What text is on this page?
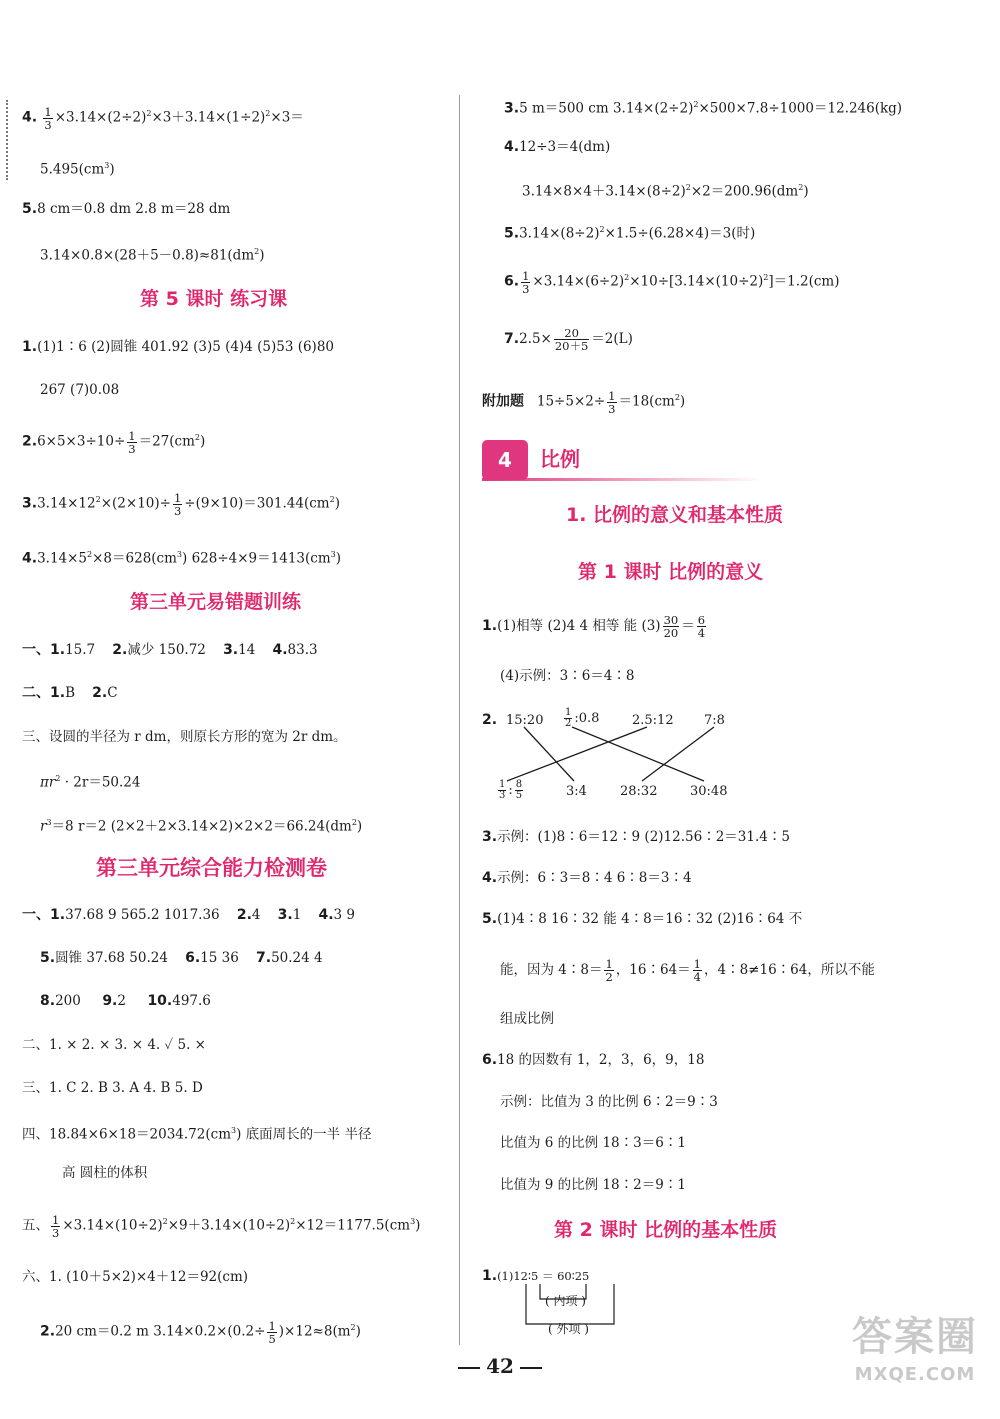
4. $\frac{1}{3} \times 3.14\times(2\div 2)^2\times 3+3.14\times(1\div 2)^2\times 3=$
$5.495(cm^3)$
5.8 cm＝0.8 dm 2.8 m＝28 dm
$3.14\times 0.8\times(28+5-0.8)\approx 81(dm^2)$
第 5 课时 练习课
1.(1)1∶6 (2)圆锥 401.92 (3)5 (4)4 (5)53 (6)80
267 (7)0.08
$2.6\times 5\times 3\div 10\div \frac{1}{3} =27(cm^2)$
$3.3.14\times 12^2\times(2\times 10)\div \frac{1}{3} \div(9\times 10)=301.44(cm^2)$
$4.3.14\times 5^2\times 8=628(cm^3)$ $628\div 4\times 9=1413(cm^3)$
第三单元易错题训练
一、1.15.7 2.减少 150.72 3.14 4.83.3
二、1.B 2.C
三、设圆的半径为 r dm，则原长方形的宽为 2r dm。
$\pi r^2 \cdot 2r=50.24$
$r^3=8$ r＝2 $(2\times 2+2\times 3.14\times 2)\times 2\times 2=66.24(dm^2)$
第三单元综合能力检测卷
一、1.37.68 9 565.2 1017.36 2.4 3.1 4.3 9
5.圆锥 37.68 50.24 6.15 36 7.50.24 4
8.200 9.2 10.497.6
二、1. × 2. × 3. × 4. ✓ 5. ×
三、1. C 2. B 3. A 4. B 5. D
四、$18.84\times 6\times 18=2034.72(cm^3)$ 底面周长的一半 半径
高 圆柱的体积
五、 $\frac{1}{3} \times 3.14\times(10\div 2)^2\times 9+3.14\times(10\div 2)^2\times 12=1177.5(cm^3)$
六、1. (10＋5×2)×4＋12＝92(cm)
2.20 cm＝0.2 m $3.14\times 0.2\times(0.2\div \frac{1}{5} )\times 12\approx 8(m^2)$
3.5 m＝500 cm $3.14\times(2\div 2)^2\times 500\times 7.8\div 1000=12.246(kg)$
4.12÷3＝4(dm)
$3.14\times 8\times 4+3.14\times(8\div 2)^2\times 2=200.96(dm^2)$
$5.3.14\times(8\div 2)^2\times 1.5\div(6.28\times 4)=3$(时)
6. $\frac{1}{3} \times 3.14\times(6\div 2)^2\times 10\div[3.14\times(10\div 2)^2]=1.2(cm)$
$7.2.5\times \frac{20}{20+5} =2(L)$
附加题 $15\div 5\times 2\div \frac{1}{3} =18(cm^2)$
4	比例
1. 比例的意义和基本性质
第 1 课时 比例的意义
1.(1)相等 (2)4 4 相等 能 $(3) \frac{30}{20} = \frac{6}{4}$
(4)示例：3∶6＝4∶8
2. 15:20 $\frac{1}{2}$ :0.8	2.5:12 7:8
$\frac{1}{3}$ : $\frac{8}{5}$	3:4	28:32	30:48
3.示例：(1)8∶6＝12∶9 (2)12.56∶2＝31.4∶5
4.示例：6∶3＝8∶4 6∶8＝3∶4
5.(1)4∶8 16∶32 能 4∶8＝16∶32 (2)16∶64 不
能，因为 4∶8＝ $\frac{1}{2}$ ，16∶64＝ $\frac{1}{4}$ ，4∶8≠16∶64，所以不能
组成比例
6.18 的因数有 1，2，3，6，9，18
示例：比值为 3 的比例 6∶2＝9∶3
比值为 6 的比例 18∶3＝6∶1
比值为 9 的比例 18∶2＝9∶1
第 2 课时 比例的基本性质
1.(1)12∶5 ＝ 60∶25
( 内项 )
( 外项 )
42
答案圈
MXQE.COM
